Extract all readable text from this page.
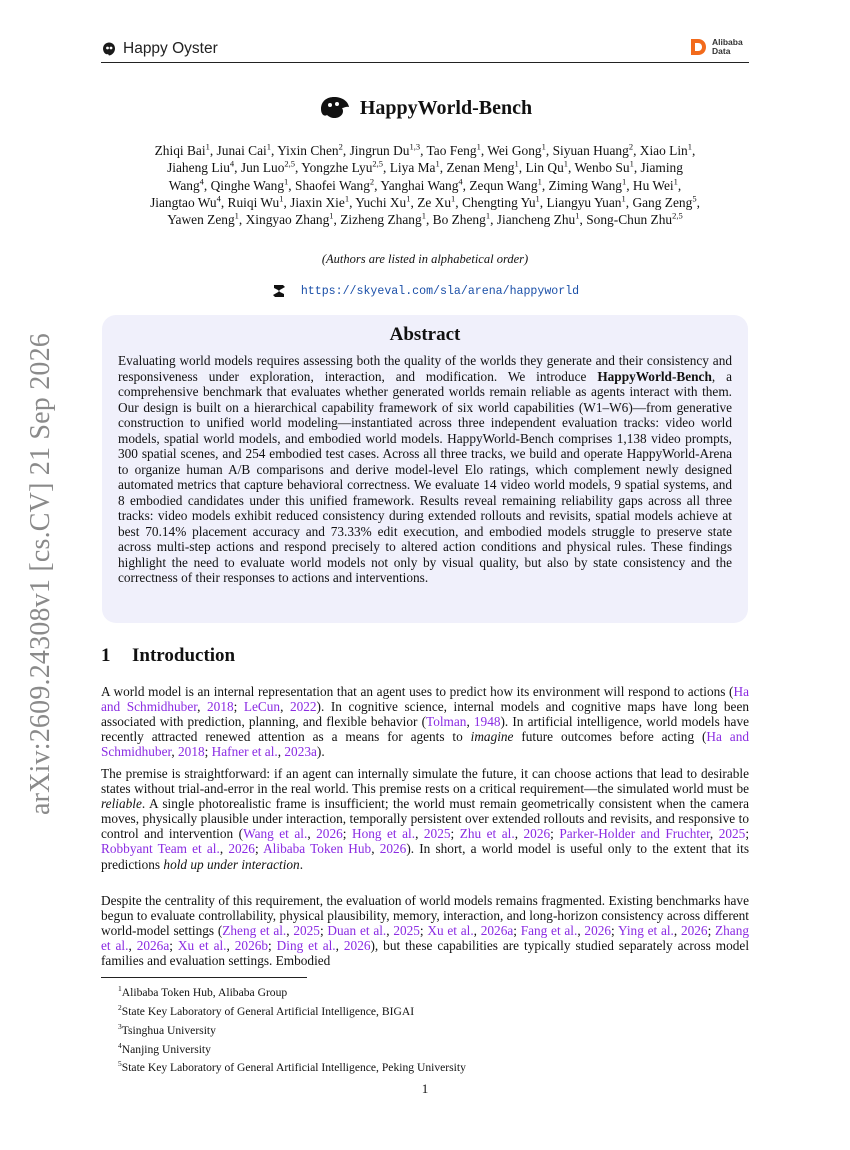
Happy Oyster	Alibaba
Data
arXiv:2609.24308v1 [cs.CV] 21 Sep 2026
HappyWorld-Bench
Zhiqi Bai$^1$, Junai Cai$^1$, Yixin Chen$^2$, Jingrun Du$^{1,3}$, Tao Feng$^1$, Wei Gong$^1$, Siyuan Huang$^2$, Xiao Lin$^1$, Jiaheng Liu$^4$, Jun Luo$^{2,5}$, Yongzhe Lyu$^{2,5}$, Liya Ma$^1$, Zenan Meng$^1$, Lin Qu$^1$, Wenbo Su$^1$, Jiaming Wang$^4$, Qinghe Wang$^1$, Shaofei Wang$^2$, Yanghai Wang$^4$, Zequn Wang$^1$, Ziming Wang$^1$, Hu Wei$^1$, Jiangtao Wu$^4$, Ruiqi Wu$^1$, Jiaxin Xie$^1$, Yuchi Xu$^1$, Ze Xu$^1$, Chengting Yu$^1$, Liangyu Yuan$^1$, Gang Zeng$^5$, Yawen Zeng$^1$, Xingyao Zhang$^1$, Zizheng Zhang$^1$, Bo Zheng$^1$, Jiancheng Zhu$^1$, Song-Chun Zhu$^{2,5}$
(Authors are listed in alphabetical order)
https://skyeval.com/sla/arena/happyworld
Abstract
Evaluating world models requires assessing both the quality of the worlds they generate and their consistency and responsiveness under exploration, interaction, and modification. We introduce HappyWorld-Bench, a comprehensive benchmark that evaluates whether generated worlds remain reliable as agents interact with them. Our design is built on a hierarchical capability framework of six world capabilities (W1–W6)—from generative construction to unified world modeling—instantiated across three independent evaluation tracks: video world models, spatial world models, and embodied world models. HappyWorld-Bench comprises 1,138 video prompts, 300 spatial scenes, and 254 embodied test cases. Across all three tracks, we build and operate HappyWorld-Arena to organize human A/B comparisons and derive model-level Elo ratings, which complement newly designed automated metrics that capture behavioral correctness. We evaluate 14 video world models, 9 spatial systems, and 8 embodied candidates under this unified framework. Results reveal remaining reliability gaps across all three tracks: video models exhibit reduced consistency during extended rollouts and revisits, spatial models achieve at best 70.14% placement accuracy and 73.33% edit execution, and embodied models struggle to preserve state across multi-step actions and respond precisely to altered action conditions and physical rules. These findings highlight the need to evaluate world models not only by visual quality, but also by state consistency and the correctness of their responses to actions and interventions.
1 Introduction
A world model is an internal representation that an agent uses to predict how its environment will respond to actions (Ha and Schmidhuber, 2018; LeCun, 2022). In cognitive science, internal models and cognitive maps have long been associated with prediction, planning, and flexible behavior (Tolman, 1948). In artificial intelligence, world models have recently attracted renewed attention as a means for agents to imagine future outcomes before acting (Ha and Schmidhuber, 2018; Hafner et al., 2023a).
The premise is straightforward: if an agent can internally simulate the future, it can choose actions that lead to desirable states without trial-and-error in the real world. This premise rests on a critical requirement—the simulated world must be reliable. A single photorealistic frame is insufficient; the world must remain geometrically consistent when the camera moves, physically plausible under interaction, temporally persistent over extended rollouts and revisits, and responsive to control and intervention (Wang et al., 2026; Hong et al., 2025; Zhu et al., 2026; Parker-Holder and Fruchter, 2025; Robbyant Team et al., 2026; Alibaba Token Hub, 2026). In short, a world model is useful only to the extent that its predictions hold up under interaction.
Despite the centrality of this requirement, the evaluation of world models remains fragmented. Existing benchmarks have begun to evaluate controllability, physical plausibility, memory, interaction, and long-horizon consistency across different world-model settings (Zheng et al., 2025; Duan et al., 2025; Xu et al., 2026a; Fang et al., 2026; Ying et al., 2026; Zhang et al., 2026a; Xu et al., 2026b; Ding et al., 2026), but these capabilities are typically studied separately across model families and evaluation settings. Embodied
$^1$Alibaba Token Hub, Alibaba Group
$^2$State Key Laboratory of General Artificial Intelligence, BIGAI
$^3$Tsinghua University
$^4$Nanjing University
$^5$State Key Laboratory of General Artificial Intelligence, Peking University
1
